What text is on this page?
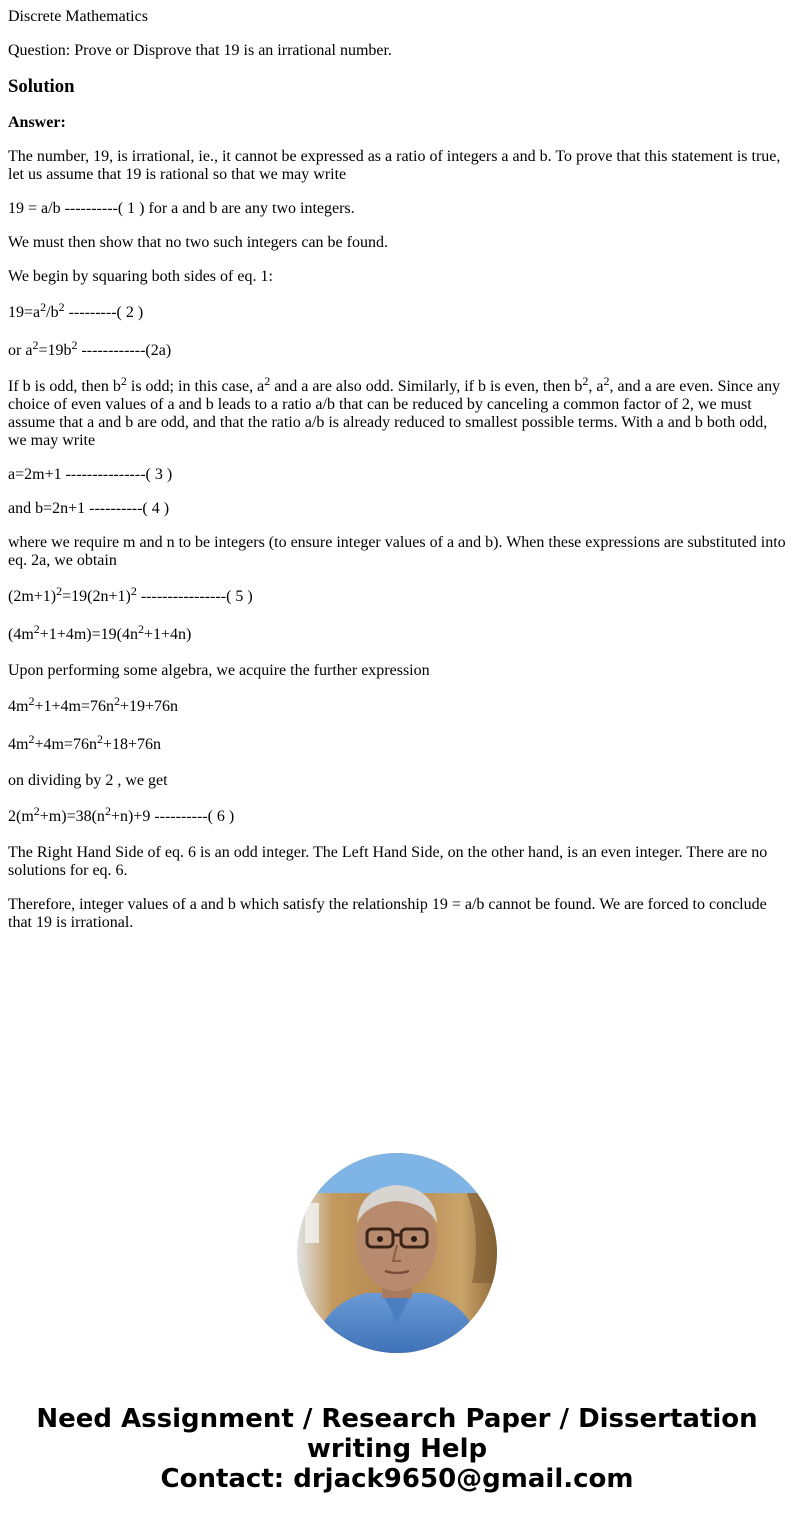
Discrete Mathematics

Question: Prove or Disprove that 19 is an irrational number.

Solution

Answer:

The number, 19, is irrational, ie., it cannot be expressed as a ratio of integers a and b. To prove that this statement is true, let us assume that 19 is rational so that we may write

19 = a/b ----------( 1 ) for a and b are any two integers.

We must then show that no two such integers can be found.

We begin by squaring both sides of eq. 1:

$19=a^2/b^2$ ---------( 2 )
or $a^2=19b^2$ ------------(2a)

If b is odd, then $b^2$ is odd; in this case, $a^2$ and a are also odd. Similarly, if b is even, then $b^2$, $a^2$, and a are even. Since any choice of even values of a and b leads to a ratio a/b that can be reduced by canceling a common factor of 2, we must assume that a and b are odd, and that the ratio a/b is already reduced to smallest possible terms. With a and b both odd, we may write

a=2m+1 ---------------( 3 )

and b=2n+1 ----------( 4 )

where we require m and n to be integers (to ensure integer values of a and b). When these expressions are substituted into eq. 2a, we obtain

$(2m+1)^2=19(2n+1)^2$ ----------------( 5 )
$(4m^2+1+4m)=19(4n^2+1+4n)$

Upon performing some algebra, we acquire the further expression

$4m^2+1+4m=76n^2+19+76n$
$4m^2+4m=76n^2+18+76n$

on dividing by 2 , we get

$2(m^2+m)=38(n^2+n)+9$ ----------( 6 )

The Right Hand Side of eq. 6 is an odd integer. The Left Hand Side, on the other hand, is an even integer. There are no solutions for eq. 6.

Therefore, integer values of a and b which satisfy the relationship 19 = a/b cannot be found. We are forced to conclude that 19 is irrational.

Need Assignment / Research Paper / Dissertation
writing Help
Contact: drjack9650@gmail.com
